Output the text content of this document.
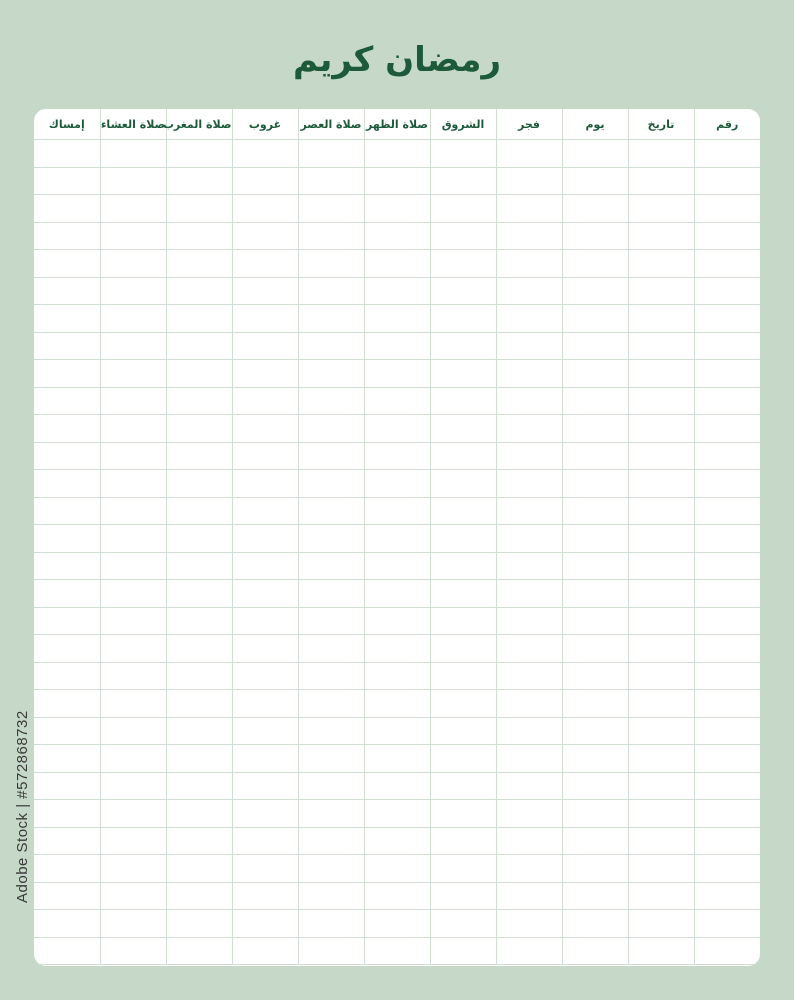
رمضان كريم
رقم	تاريخ	يوم	فجر	الشروق	صلاة الظهر	صلاة العصر	غروب	صلاة المغرب	صلاة العشاء	إمساك

Adobe Stock | #572868732
